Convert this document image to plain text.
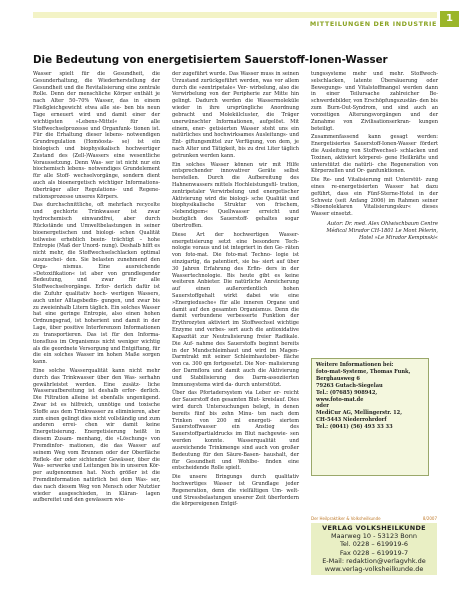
MITTEILUNGEN DER INDUSTRIE 1
Die Bedeutung von energetisiertem Sauerstoff-Ionen-Wasser

Wasser spielt für die Gesundheit, die Gesunderhaltung, die Wiederherstellung der Gesundheit und die Revitalisierung eine zentrale Rolle. Denn der menschliche Körper enthält je nach Alter 50–70% Wasser, das in einem Fließgleichgewicht etwa alle sie- ben bis neun Tage erneuert wird und damit einer der wichtigsten »Lebens-Mittel« für alle Stoffwechselprozesse und Organfunk- tionen ist. Für die Erhaltung dieser lebens- notwendigen Grundregulation (Homöosta- se) ist ein biologisch und biophysikalisch hochwertiger Zustand des (Zell-)Wassers eine wesentliche Voraussetzung. Denn Was- ser ist nicht nur ein biochemisch lebens- notwendiges Grundelement für alle Stoff- wechselvorgänge, sondern dient auch als bioenergetisch wichtiger Informations- überträger aller Regulations- und Regene- rationsprozesse unseres Körpers.

Das durchschnittliche, oft mehrfach recycelte und gechlorte Trinkwasser ist zwar hydrochemisch einwandfrei, aber durch Rückstände und Umweltbelastungen in seiner bioenergetischen und biologi- schen Qualität teilweise erheblich beein- trächtigt – hohe Entropie (Maß der Unord- nung). Deshalb hilft es nicht mehr, die Stoffwechselschlacken optimal auszuschei- den. Sie belasten zunehmend den Orga- nismus. Eine ausreichende »Detoxifikation« ist aber von grundlegender Bedeutung, und zwar für alle Stoffwechselvorgänge. Erfor- derlich dafür ist die Zufuhr qualitativ hoch- wertigen Wassers, auch unter Alltagsbedin- gungen, und zwar bis zu zweieinhalb Litern täglich. Ein solches Wasser hat eine geringe Entropie, also einen hohen Ordnungsgrad, ist hoherient und damit in der Lage, über positive Interferenzen Informationen zu transportieren. Das ist für den Informa- tionsfluss im Organismus nicht weniger wichtig als die geordnete Versorgung und Entgiftung, für die ein solches Wasser im hohen Maße sorgen kann.

Eine solche Wasserqualität kann nicht mehr durch das Trinkwasser über den Was- serhahn gewährleistet werden. Eine zusätz- liche Wasseraufbereitung ist deshalb erfor- derlich. Die Filtration alleine ist ebenfalls ungenügend. Zwar ist es hilfreich, unnötige und toxische Stoffe aus dem Trinkwasser zu eliminieren, aber zum einen gelingt dies nicht vollständig und zum anderen errei- chen wir damit keine Energetisierung. Energetisierung heißt in diesem Zusam- menhang, die »Löschung« von Fremdinfor- mationen, die das Wasser auf seinem Weg vom Brunnen oder der Oberfläche Reflek- der oder sichtender Gewässer, über die Was- serwerke und Leitungen bis in unseren Kör- per aufgenommen hat. Noch größer ist die Fremdinformation natürlich bei dem Was- ser, das nach diesem Weg von Mensch oder Nutztier wieder ausgeschieden, in Kläran- lagen aufbereitet und den gewässern wie-

der zugeführt wurde. Das Wasser muss in seinen Urzustand zurückgeführt werden, was vor allem durch die »zentripetale« Ver- wirbelung, also die Verwirbelung von der Peripherie zur Mitte hin gelingt. Dadurch werden die Wassermoleküle wieder in ihre ursprüngliche Anordnung gebracht und Molekülcluster, die Träger unerwünschter Informationen, aufgelöst. Mit einem, ener- getisierten Wasser steht uns ein natürliches und hochwirksames Ausleitungs- und Ent- giftungsmittel zur Verfügung, von dem, je nach Alter und Tätigkeit, bis zu drei Liter täglich getrunken werden kann.

Ein solches Wasser können wir mit Hilfe entsprechender innovativer Geräte selbst herstellen. Durch die Aufbereitung des Hahnenwassers mittels Hochleistungsfil- tration, zentripetaler Verwirbelung und energetischer Aktivierung wird die biologi- sche Qualität und biophysikalische Struktur von frischem, »lebendigem« Quellwasser erreicht und bezüglich des Sauerstoff- gehaltes sogar übertroffen.

Diese Art der hochwertigen Wasser- energetisierung setzt eine besondere Tech- nologie voraus und ist integriert in den Ge- räten von foto-mat. Die foto-mat Techno- logie ist einzigartig, da patentiert, sie ba- siert auf über 30 Jahren Erfahrung des Erfin- ders in der Wassertechnologie. Bis heute gibt es keine weiteren Anbieter. Die natürliche Anreicherung auf einen außerordentlich hohen Sauerstoffgehalt wirkt dabei wie eine »Energiedusche« für alle inneren Organe und damit auf den gesamten Organismus. Denn die damit verbundene verbesserte Funktion der Erythrozyten aktiviert im Stoffwechsel wichtige Enzyme und verbes- sert auch die antioxidative Kapazität zur Neutralisierung freier Radikale. Die Auf- nahme des Sauerstoffs beginnt bereits in der Mundschleimhaut und wird im Magen- Darmtrakt mit seiner Schleimhautober- fläche von ca. 300 qm fortgesetzt. Die Nor- malisierung der Darmflora und damit auch die Aktivierung und Stabilisierung des Darm-assoziierten Immunsystems wird da- durch unterstützt.

Über das Pfortadersystem via Leber er- reicht der Sauerstoff den gesamten Blut- kreislauf. Dies wird durch Untersuchungen belegt, in denen bereits fünf bis zehn Minu- ten nach dem Trinken von 200 ml energeti- siertem Sauerstoffwasser ein Anstieg des Sauerstoffpartialdrucks im Blut nachgewie- sen werden konnte. Wasserqualität und ausreichende Trinkmenge sind auch von großer Bedeutung für den Säure-Basen- haushalt, der für Gesundheit und Wohlbe- finden eine entscheidende Rolle spielt.

Die unsere Bringungs durch qualitativ hochwertiges Wasser ist Grundlage jeder Regeneration, denn die vielfältigen Um- welt- und Stressbelastungen unserer Zeit überfordern die körpereigenen Entgif-

tungssysteme mehr und mehr. Stoffwech- selschlacken, latente Übersäuerung oder Bewegungs- und Vitalstoffmangel werden dann in einer Teilursache zahlreicher Be- schwerdebilder, von Erschöpfungszustän- den bis zum Burn-Out-Syndrom, und sind auch an vorzeitigen Alterungsvorgängen und der Zunahme von Zivilisationserkran- kungen beteiligt.

Zusammenfassend kann gesagt werden: Energetisiertes Sauerstoff-Ionen-Wasser fördert die Ausleitung von Stoffwechsel- schlacken und Toxinen, aktiviert körperei- gene Heilkräfte und unterstützt die natürli- che Regeneration von Körperzellen und Or- ganfunktionen.

Die Re- und Vitalisierung mit Unterstüt- zung eines re-energetisierten Wasser hat dazu geführt, dass ein Fünf-Sterne-Hotel in der Schweiz (seit Anfang 2006) im Rahmen seiner »Bioenoleklaren Vitalisierungskur« dieses Wasser einsetzt.

Autor: Dr. med. Alex Ohlwischbaum Centre Médical Mirador CH-1801 Le Mont Pèlerin, Hotel »Le Mirador Kempinski«

Weitere Informationen bei:
foto-mat-Systeme, Thomas Funk,
Berghausweg 6
79263 Gutach-Siegelau
Tel.: (07685) 908942,
www.foto-mat.de
oder
MediCur AG, Mellingerstr. 12,
CH-5443 Niederrohrdorf
Tel.: (0041) (56) 493 33 33
Der Heilpraktiker & Volksheilkunde	8/2007
VERLAG VOLKSHEILKUNDE
Maarweg 10 - 53123 Bonn
Tel. 0228 – 619919-6
Fax 0228 – 619919-7
E-Mail: redaktion@verlagvhk.de
www.verlag-volksheilkunde.de
